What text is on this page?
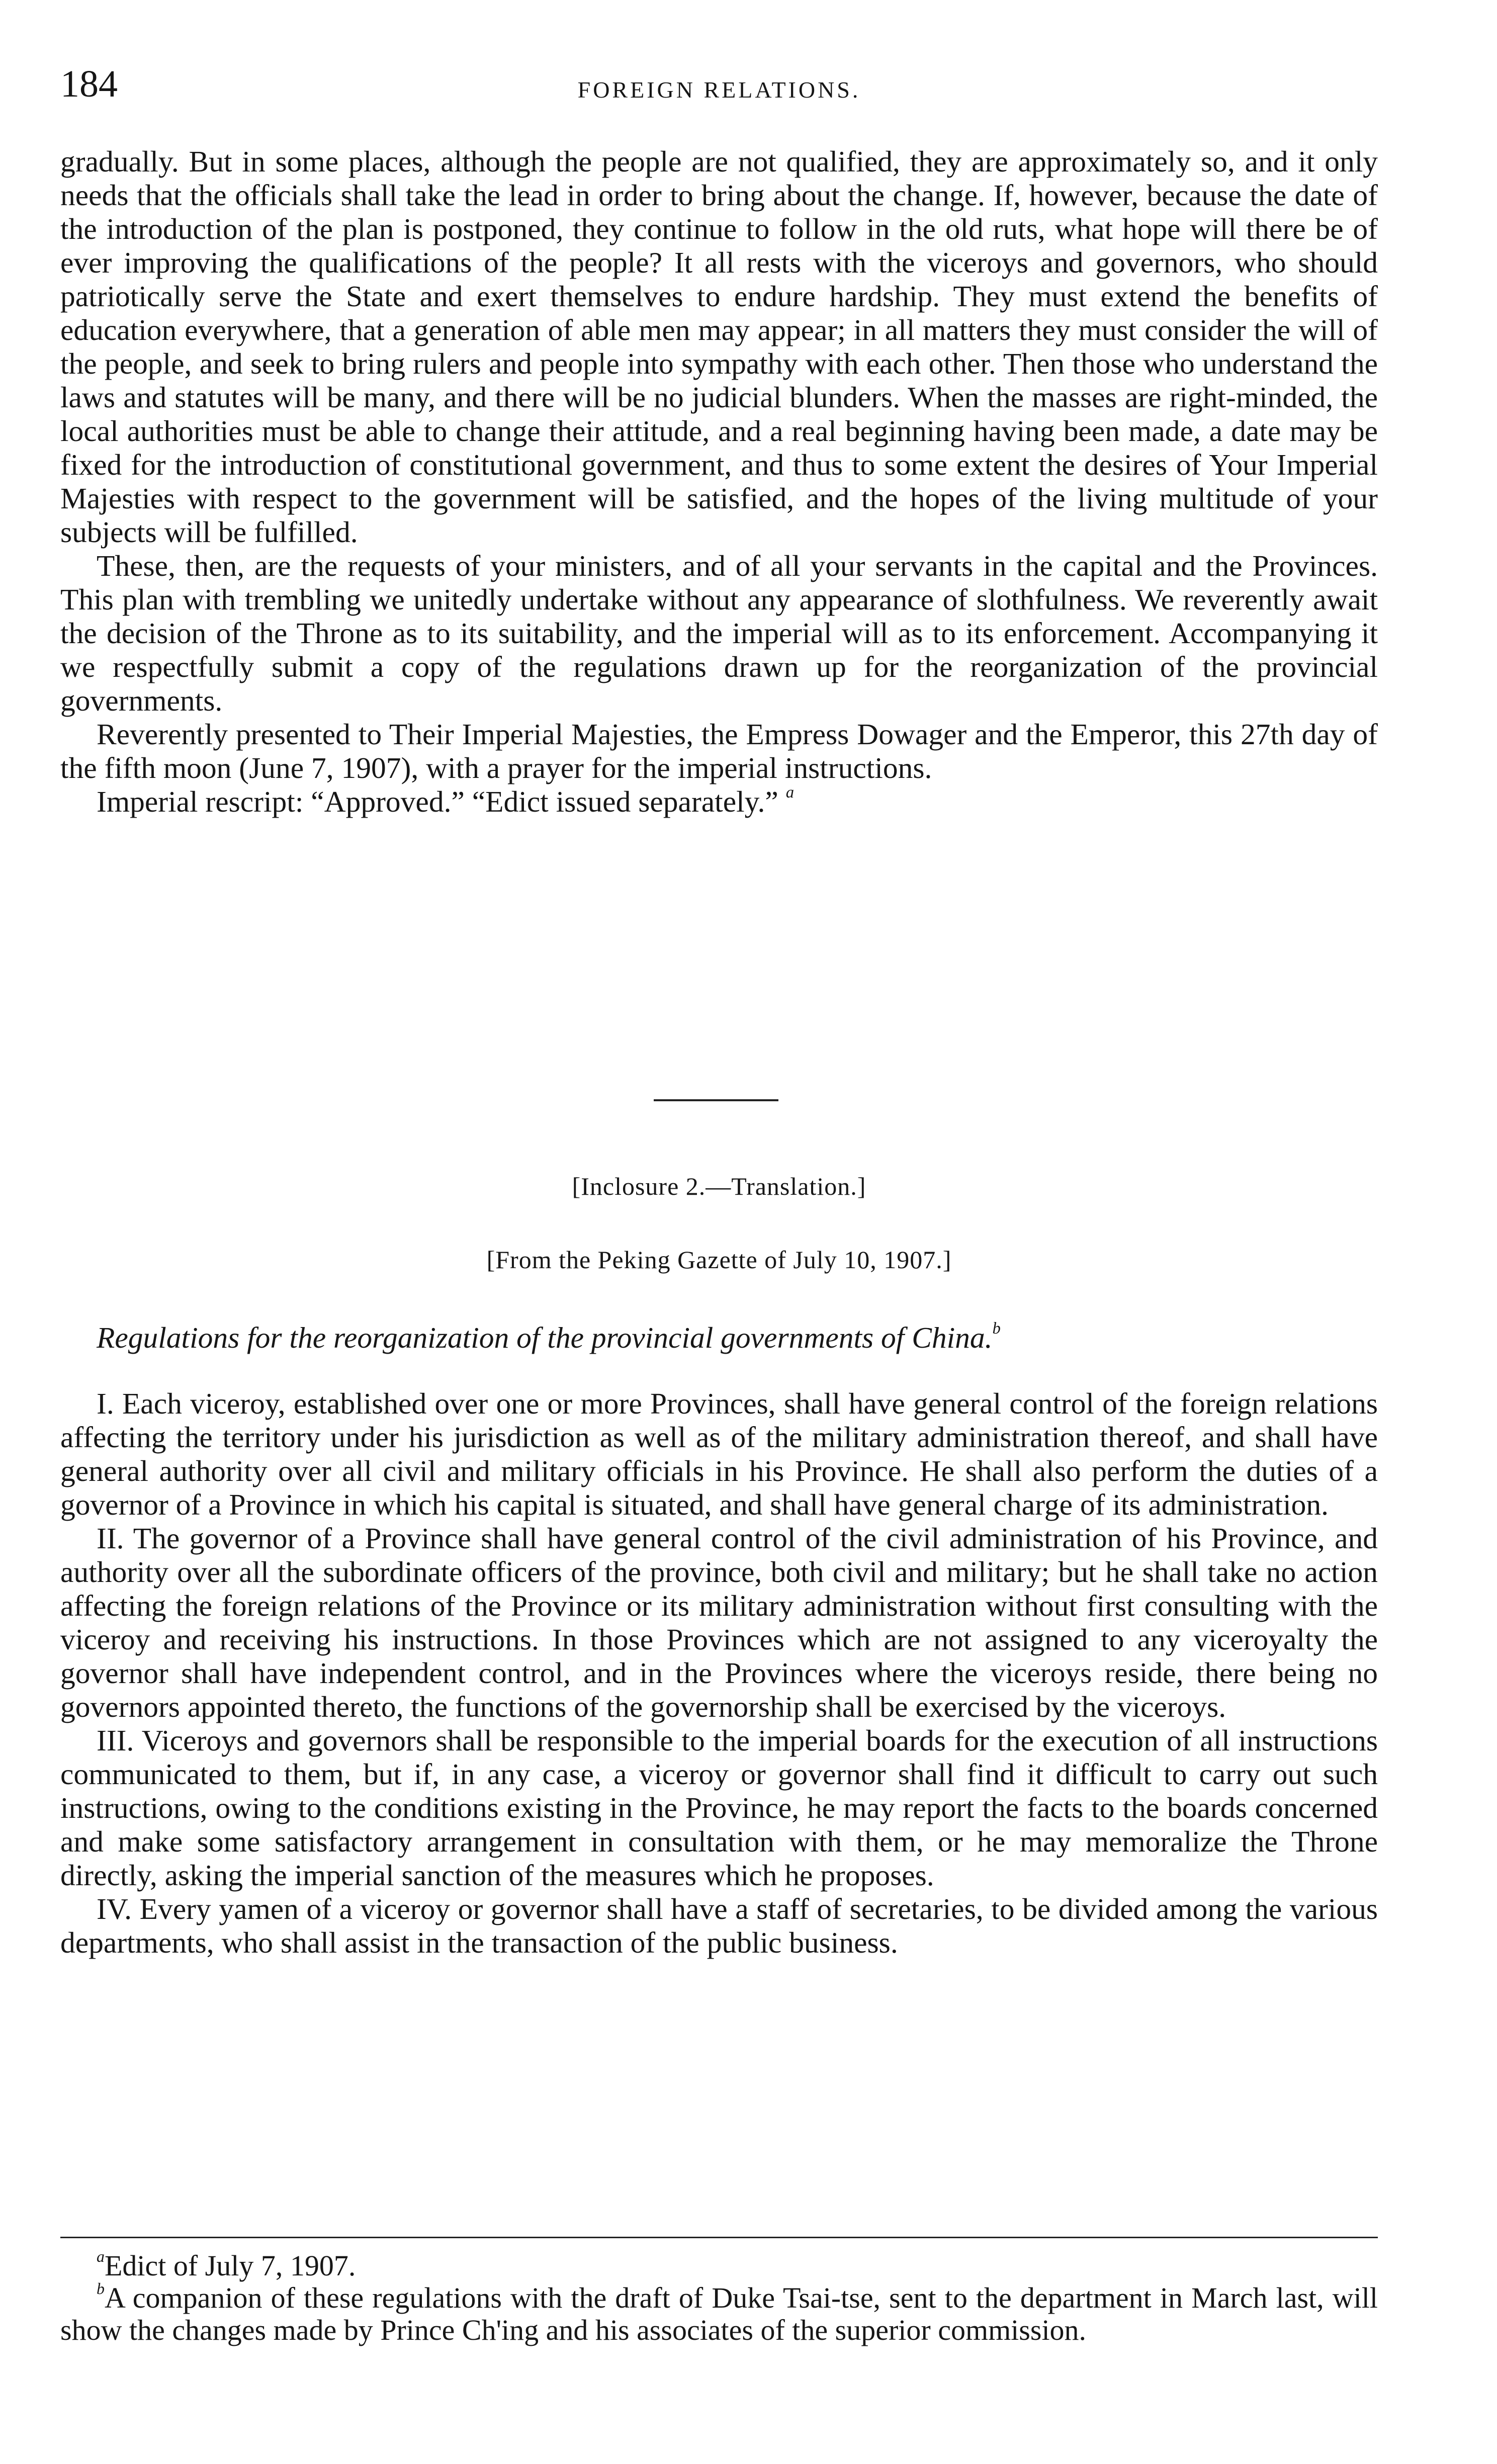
184	FOREIGN RELATIONS.

gradually. But in some places, although the people are not qualified, they are approximately so, and it only needs that the officials shall take the lead in order to bring about the change. If, however, because the date of the introduction of the plan is postponed, they continue to follow in the old ruts, what hope will there be of ever improving the qualifications of the people? It all rests with the viceroys and governors, who should patriotically serve the State and exert themselves to endure hardship. They must extend the benefits of education everywhere, that a generation of able men may appear; in all matters they must consider the will of the people, and seek to bring rulers and people into sympathy with each other. Then those who understand the laws and statutes will be many, and there will be no judicial blunders. When the masses are right-minded, the local authorities must be able to change their attitude, and a real beginning having been made, a date may be fixed for the introduction of constitutional government, and thus to some extent the desires of Your Imperial Majesties with respect to the government will be satisfied, and the hopes of the living multitude of your subjects will be fulfilled.

These, then, are the requests of your ministers, and of all your servants in the capital and the Provinces. This plan with trembling we unitedly undertake without any appearance of slothfulness. We reverently await the decision of the Throne as to its suitability, and the imperial will as to its enforcement. Accompanying it we respectfully submit a copy of the regulations drawn up for the reorganization of the provincial governments.

Reverently presented to Their Imperial Majesties, the Empress Dowager and the Emperor, this 27th day of the fifth moon (June 7, 1907), with a prayer for the imperial instructions.

Imperial rescript: “Approved.” “Edict issued separately.” $^a$

[Inclosure 2.—Translation.]
[From the Peking Gazette of July 10, 1907.]
Regulations for the reorganization of the provincial governments of China.$^b$

I. Each viceroy, established over one or more Provinces, shall have general control of the foreign relations affecting the territory under his jurisdiction as well as of the military administration thereof, and shall have general authority over all civil and military officials in his Province. He shall also perform the duties of a governor of a Province in which his capital is situated, and shall have general charge of its administration.

II. The governor of a Province shall have general control of the civil administration of his Province, and authority over all the subordinate officers of the province, both civil and military; but he shall take no action affecting the foreign relations of the Province or its military administration without first consulting with the viceroy and receiving his instructions. In those Provinces which are not assigned to any viceroyalty the governor shall have independent control, and in the Provinces where the viceroys reside, there being no governors appointed thereto, the functions of the governorship shall be exercised by the viceroys.

III. Viceroys and governors shall be responsible to the imperial boards for the execution of all instructions communicated to them, but if, in any case, a viceroy or governor shall find it difficult to carry out such instructions, owing to the conditions existing in the Province, he may report the facts to the boards concerned and make some satisfactory arrangement in consultation with them, or he may memoralize the Throne directly, asking the imperial sanction of the measures which he proposes.

IV. Every yamen of a viceroy or governor shall have a staff of secretaries, to be divided among the various departments, who shall assist in the transaction of the public business.

$^a$Edict of July 7, 1907.

$^b$A companion of these regulations with the draft of Duke Tsai-tse, sent to the department in March last, will show the changes made by Prince Ch'ing and his associates of the superior commission.
